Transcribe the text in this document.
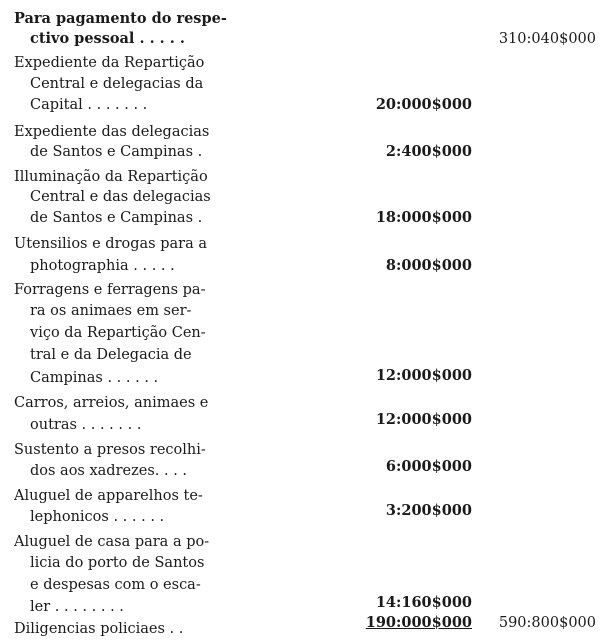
Para pagamento do respe-
ctivo pessoal . . . . .	310:040$000
Expediente da Repartição
Central e delegacias da
Capital . . . . . . .	20:000$000
Expediente das delegacias
de Santos e Campinas .	2:400$000
Illuminação da Repartição
Central e das delegacias
de Santos e Campinas .	18:000$000
Utensilios e drogas para a
photographia . . . . .	8:000$000
Forragens e ferragens pa-
ra os animaes em ser-
viço da Repartição Cen-
tral e da Delegacia de
Campinas . . . . . .	12:000$000
Carros, arreios, animaes e
outras . . . . . . .	12:000$000
Sustento a presos recolhi-
dos aos xadrezes. . . .	6:000$000
Aluguel de apparelhos te-
lephonicos . . . . . .	3:200$000
Aluguel de casa para a po-
licia do porto de Santos
e despesas com o esca-
ler . . . . . . . .	14:160$000
Diligencias policiaes . .	190:000$000 590:800$000
